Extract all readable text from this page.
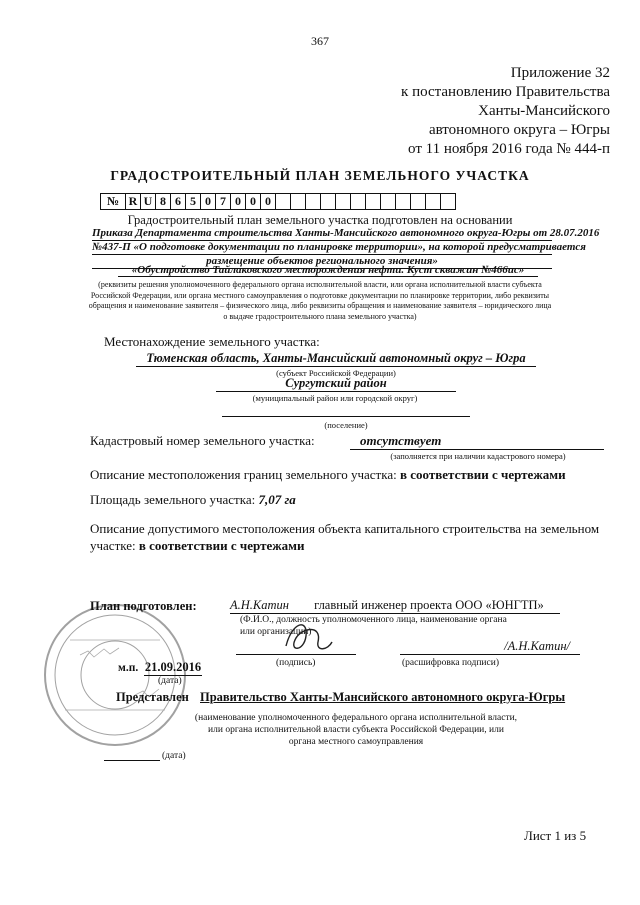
367
Приложение 32
к постановлению Правительства
Ханты-Мансийского
автономного округа – Югры
от 11 ноября 2016 года № 444-п
ГРАДОСТРОИТЕЛЬНЫЙ ПЛАН ЗЕМЕЛЬНОГО УЧАСТКА
№	R	U	8	6	5	0	7	0	0	0												
Градостроительный план земельного участка подготовлен на основании
Приказа Департамента строительства Ханты-Мансийского автономного округа-Югры от 28.07.2016
№437-П «О подготовке документации по планировке территории», на которой предусматривается
размещение объектов регионального значения»
«Обустройство Тайлаковского месторождения нефти. Куст скважин №466ис»
(реквизиты решения уполномоченного федерального органа исполнительной власти, или органа исполнительной власти субъекта
Российской Федерации, или органа местного самоуправления о подготовке документации по планировке территории, либо реквизиты
обращения и наименование заявителя – физического лица, либо реквизиты обращения и наименование заявителя – юридического лица
о выдаче градостроительного плана земельного участка)
Местонахождение земельного участка:
Тюменская область, Ханты-Мансийский автономный округ – Югра
(субъект Российской Федерации)
Сургутский район
(муниципальный район или городской округ)
(поселение)
Кадастровый номер земельного участка:	отсутствует
(заполняется при наличии кадастрового номера)
Описание местоположения границ земельного участка: в соответствии с чертежами
Площадь земельного участка: 7,07 га
Описание допустимого местоположения объекта капитального строительства на земельном
участке: в соответствии с чертежами
План подготовлен:	А.Н.Катин главный инженер проекта ООО «ЮНГТП»
(Ф.И.О., должность уполномоченного лица, наименование органа
или организации)
/А.Н.Катин/
(подпись)	(расшифровка подписи)
м.п. 21.09.2016
(дата)
Представлен Правительство Ханты-Мансийского автономного округа-Югры
(наименование уполномоченного федерального органа исполнительной власти,
или органа исполнительной власти субъекта Российской Федерации, или
органа местного самоуправления
(дата)
Лист 1 из 5
